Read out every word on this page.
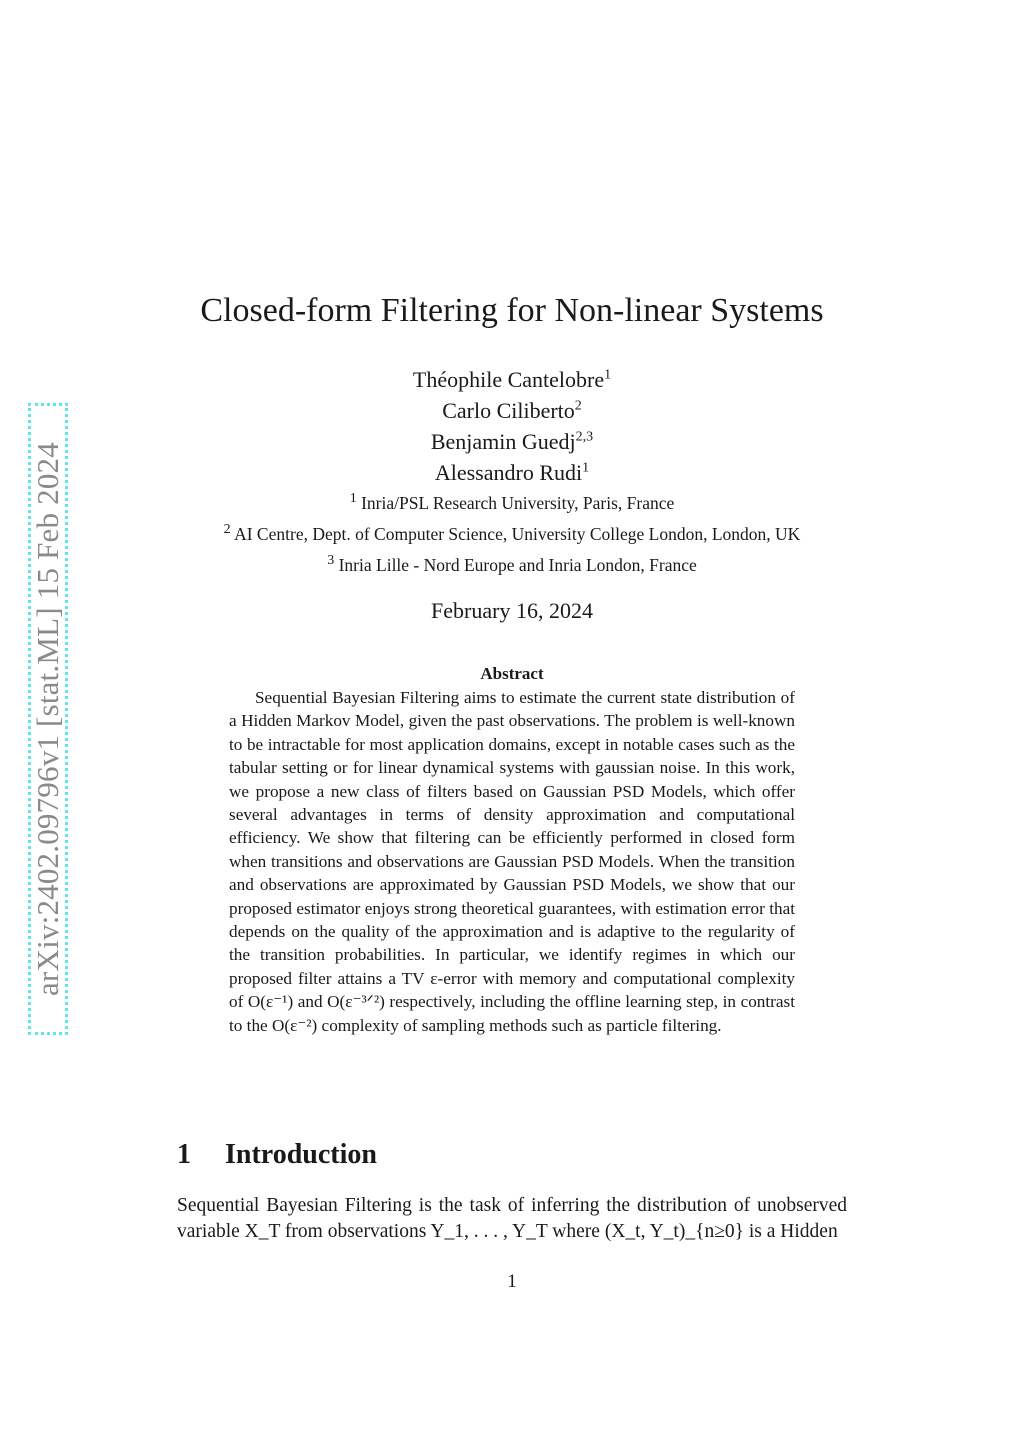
arXiv:2402.09796v1 [stat.ML] 15 Feb 2024
Closed-form Filtering for Non-linear Systems
Théophile Cantelobre$^1$
Carlo Ciliberto$^2$
Benjamin Guedj$^{2,3}$
Alessandro Rudi$^1$
$^1$ Inria/PSL Research University, Paris, France
$^2$ AI Centre, Dept. of Computer Science, University College London, London, UK
$^3$ Inria Lille - Nord Europe and Inria London, France
February 16, 2024
Abstract
Sequential Bayesian Filtering aims to estimate the current state distribution of a Hidden Markov Model, given the past observations. The problem is well-known to be intractable for most application domains, except in notable cases such as the tabular setting or for linear dynamical systems with gaussian noise. In this work, we propose a new class of filters based on Gaussian PSD Models, which offer several advantages in terms of density approximation and computational efficiency. We show that filtering can be efficiently performed in closed form when transitions and observations are Gaussian PSD Models. When the transition and observations are approximated by Gaussian PSD Models, we show that our proposed estimator enjoys strong theoretical guarantees, with estimation error that depends on the quality of the approximation and is adaptive to the regularity of the transition probabilities. In particular, we identify regimes in which our proposed filter attains a TV ε-error with memory and computational complexity of O(ε⁻¹) and O(ε⁻³ᐟ²) respectively, including the offline learning step, in contrast to the O(ε⁻²) complexity of sampling methods such as particle filtering.
1 Introduction
Sequential Bayesian Filtering is the task of inferring the distribution of unobserved variable X_T from observations Y_1, . . . , Y_T where (X_t, Y_t)_{n≥0} is a Hidden
1
